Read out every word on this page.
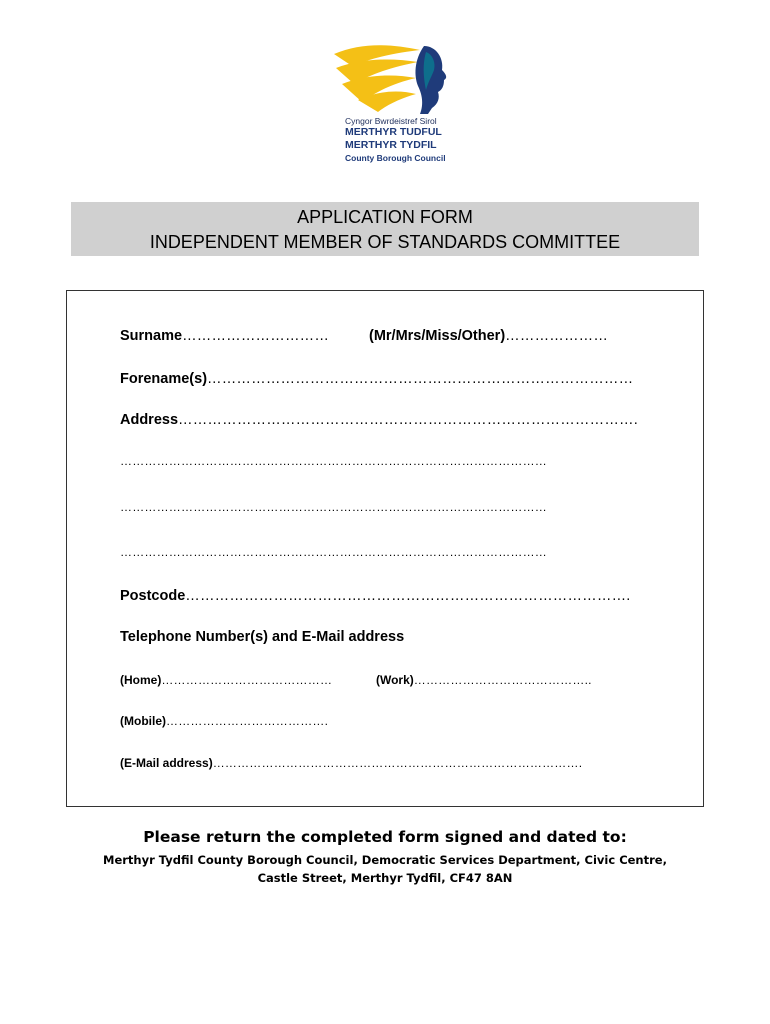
Cyngor Bwrdeistref Sirol
MERTHYR TUDFUL
MERTHYR TYDFIL
County Borough Council
APPLICATION FORM
INDEPENDENT MEMBER OF STANDARDS COMMITTEE
Surname…………………………	(Mr/Mrs/Miss/Other)…………………
Forename(s)……………………………………………………………………………
Address………………………………………………………………………………….
……………………………………………………………………………………………
……………………………………………………………………………………………
……………………………………………………………………………………………
Postcode……………………………………………………………………………….
Telephone Number(s) and E-Mail address
(Home)……………………………………	(Work)……………………………………..
(Mobile)………………………………….
(E-Mail address)……………………………………………………………………………….
Please return the completed form signed and dated to:
Merthyr Tydfil County Borough Council, Democratic Services Department, Civic Centre,
Castle Street, Merthyr Tydfil, CF47 8AN
